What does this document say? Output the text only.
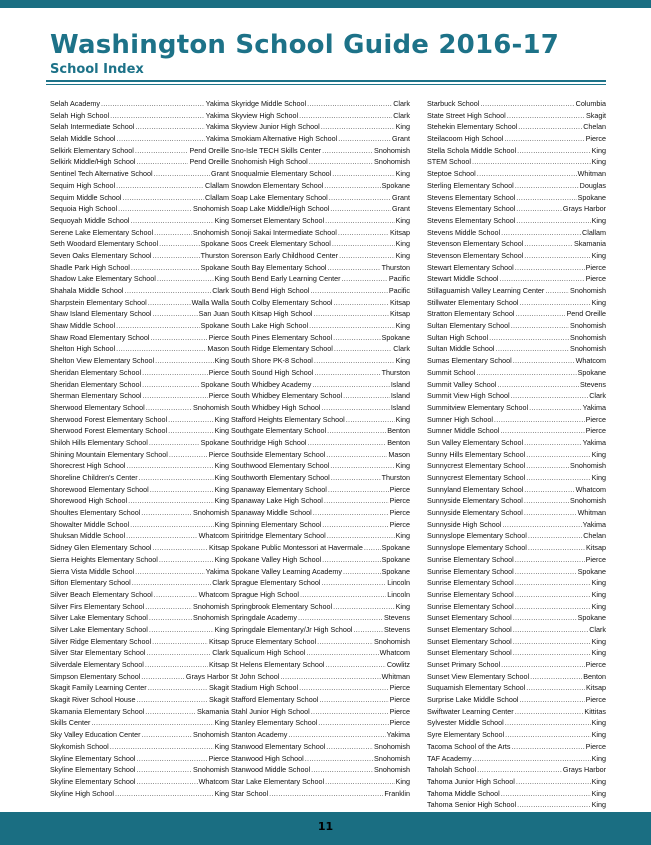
Washington School Guide 2016-17
School Index
Selah Academy .....	Yakima
Selah High School .....	Yakima
Selah Intermediate School .....	Yakima
Selah Middle School .....	Yakima
Selkirk Elementary School .....	Pend Oreille
Selkirk Middle/High School .....	Pend Oreille
Sentinel Tech Alternative School .....	Grant
Sequim High School .....	Clallam
Sequim Middle School .....	Clallam
Sequoia High School .....	Snohomish
Sequoyah Middle School .....	King
Serene Lake Elementary School .....	Snohomish
Seth Woodard Elementary School .....	Spokane
Seven Oaks Elementary School .....	Thurston
Shadle Park High School .....	Spokane
Shadow Lake Elementary School .....	King
Shahala Middle School .....	Clark
Sharpstein Elementary School .....	Walla Walla
Shaw Island Elementary School .....	San Juan
Shaw Middle School .....	Spokane
Shaw Road Elementary School .....	Pierce
Shelton High School .....	Mason
Shelton View Elementary School .....	King
Sheridan Elementary School .....	Pierce
Sheridan Elementary School .....	Spokane
Sherman Elementary School .....	Pierce
Sherwood Elementary School .....	Snohomish
Sherwood Forest Elementary School .....	King
Sherwood Forest Elementary School .....	King
Shiloh Hills Elementary School .....	Spokane
Shining Mountain Elementary School .....	Pierce
Shorecrest High School .....	King
Shoreline Children's Center .....	King
Shorewood Elementary School .....	King
Shorewood High School .....	King
Shoultes Elementary School .....	Snohomish
Showalter Middle School .....	King
Shuksan Middle School .....	Whatcom
Sidney Glen Elementary School .....	Kitsap
Sierra Heights Elementary School .....	King
Sierra Vista Middle School .....	Yakima
Sifton Elementary School .....	Clark
Silver Beach Elementary School .....	Whatcom
Silver Firs Elementary School .....	Snohomish
Silver Lake Elementary School .....	Snohomish
Silver Lake Elementary School .....	King
Silver Ridge Elementary School .....	Kitsap
Silver Star Elementary School .....	Clark
Silverdale Elementary School .....	Kitsap
Simpson Elementary School .....	Grays Harbor
Skagit Family Learning Center .....	Skagit
Skagit River School House .....	Skagit
Skamania Elementary School .....	Skamania
Skills Center .....	King
Sky Valley Education Center .....	Snohomish
Skykomish School .....	King
Skyline Elementary School .....	Pierce
Skyline Elementary School .....	Snohomish
Skyline Elementary School .....	Whatcom
Skyline High School .....	King
Skyridge Middle School .....	Clark
Skyview High School .....	Clark
Skyview Junior High School .....	King
Smokiam Alternative High School .....	Grant
Sno-Isle TECH Skills Center .....	Snohomish
Snohomish High School .....	Snohomish
Snoqualmie Elementary School .....	King
Snowdon Elementary School .....	Spokane
Soap Lake Elementary School .....	Grant
Soap Lake Middle/High School .....	Grant
Somerset Elementary School .....	King
Sonoji Sakai Intermediate School .....	Kitsap
Soos Creek Elementary School .....	King
Sorenson Early Childhood Center .....	King
South Bay Elementary School .....	Thurston
South Bend Early Learning Center .....	Pacific
South Bend High School .....	Pacific
South Colby Elementary School .....	Kitsap
South Kitsap High School .....	Kitsap
South Lake High School .....	King
South Pines Elementary School .....	Spokane
South Ridge Elementary School .....	Clark
South Shore PK-8 School .....	King
South Sound High School .....	Thurston
South Whidbey Academy .....	Island
South Whidbey Elementary School .....	Island
South Whidbey High School .....	Island
Stafford Heights Elementary School .....	King
Southgate Elementary School .....	Benton
Southridge High School .....	Benton
Southside Elementary School .....	Mason
Southwood Elementary School .....	King
Southworth Elementary School .....	Thurston
Spanaway Elementary School .....	Pierce
Spanaway Lake High School .....	Pierce
Spanaway Middle School .....	Pierce
Spinning Elementary School .....	Pierce
Spiritridge Elementary School .....	King
Spokane Public Montessori at Havermale .....	Spokane
Spokane Valley High School .....	Spokane
Spokane Valley Learning Academy .....	Spokane
Sprague Elementary School .....	Lincoln
Sprague High School .....	Lincoln
Springbrook Elementary School .....	King
Springdale Academy .....	Stevens
Springdale Elementary/Jr High School .....	Stevens
Spruce Elementary School .....	Snohomish
Squalicum High School .....	Whatcom
St Helens Elementary School .....	Cowlitz
St John School .....	Whitman
Stadium High School .....	Pierce
Stafford Elementary School .....	Pierce
Stahl Junior High School .....	Pierce
Stanley Elementary School .....	Pierce
Stanton Academy .....	Yakima
Stanwood Elementary School .....	Snohomish
Stanwood High School .....	Snohomish
Stanwood Middle School .....	Snohomish
Star Lake Elementary School .....	King
Star School .....	Franklin
Starbuck School .....	Columbia
State Street High School .....	Skagit
Stehekin Elementary School .....	Chelan
Steilacoom High School .....	Pierce
Stella Schola Middle School .....	King
STEM School .....	King
Steptoe School .....	Whitman
Sterling Elementary School .....	Douglas
Stevens Elementary School .....	Spokane
Stevens Elementary School .....	Grays Harbor
Stevens Elementary School .....	King
Stevens Middle School .....	Clallam
Stevenson Elementary School .....	Skamania
Stevenson Elementary School .....	King
Stewart Elementary School .....	Pierce
Stewart Middle School .....	Pierce
Stillaguamish Valley Learning Center .....	Snohomish
Stillwater Elementary School .....	King
Stratton Elementary School .....	Pend Oreille
Sultan Elementary School .....	Snohomish
Sultan High School .....	Snohomish
Sultan Middle School .....	Snohomish
Sumas Elementary School .....	Whatcom
Summit School .....	Spokane
Summit Valley School .....	Stevens
Summit View High School .....	Clark
Summitview Elementary School .....	Yakima
Sumner High School .....	Pierce
Sumner Middle School .....	Pierce
Sun Valley Elementary School .....	Yakima
Sunny Hills Elementary School .....	King
Sunnycrest Elementary School .....	Snohomish
Sunnycrest Elementary School .....	King
Sunnyland Elementary School .....	Whatcom
Sunnyside Elementary School .....	Snohomish
Sunnyside Elementary School .....	Whitman
Sunnyside High School .....	Yakima
Sunnyslope Elementary School .....	Chelan
Sunnyslope Elementary School .....	Kitsap
Sunrise Elementary School .....	Pierce
Sunrise Elementary School .....	Spokane
Sunrise Elementary School .....	King
Sunrise Elementary School .....	King
Sunrise Elementary School .....	King
Sunset Elementary School .....	Spokane
Sunset Elementary School .....	Clark
Sunset Elementary School .....	King
Sunset Elementary School .....	King
Sunset Primary School .....	Pierce
Sunset View Elementary School .....	Benton
Suquamish Elementary School .....	Kitsap
Surprise Lake Middle School .....	Pierce
Swiftwater Learning Center .....	Kittitas
Sylvester Middle School .....	King
Syre Elementary School .....	King
Tacoma School of the Arts .....	Pierce
TAF Academy .....	King
Taholah School .....	Grays Harbor
Tahoma Junior High School .....	King
Tahoma Middle School .....	King
Tahoma Senior High School .....	King
11
